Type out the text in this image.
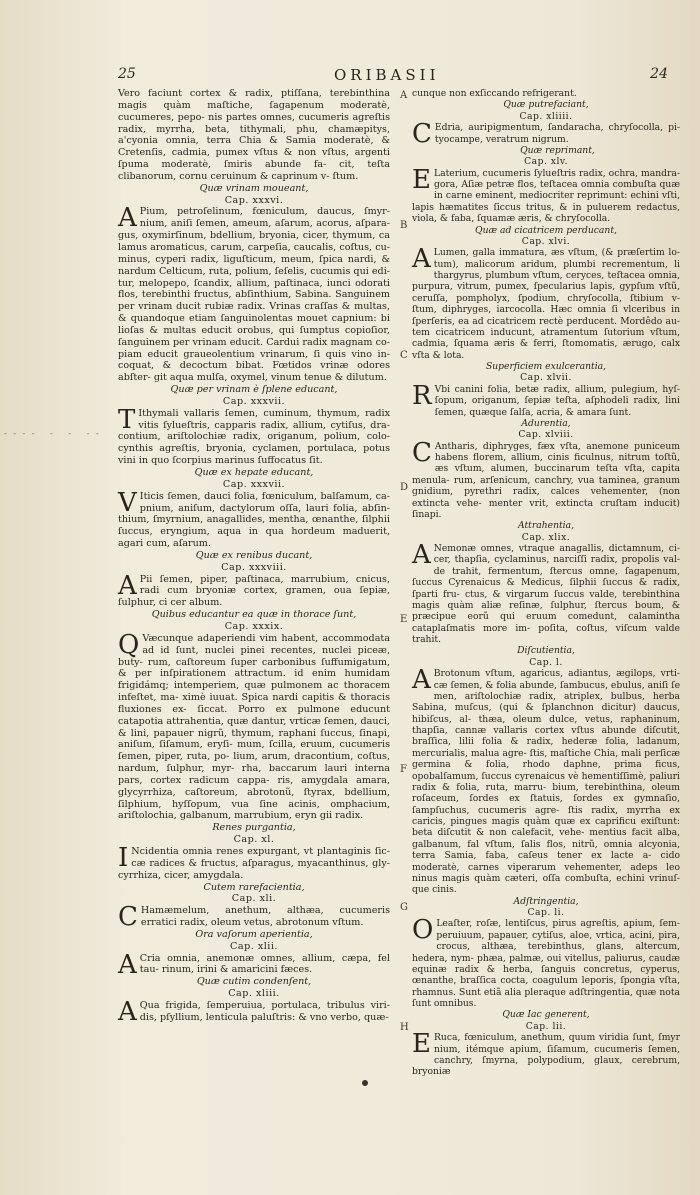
25	ORIBASII	24
- - - ‐ . ‐ . - . ‐ -

Vero faciunt cortex & radix, ptiſſana, terebinthina magis quàm maſtiche, ſagapenum moderatè, cucumeres, pepo- nis partes omnes, cucumeris agreſtis radix, myrrha, beta, tithymali, phu, chamæpitys, a'cyonia omnia, terra Chia & Samia moderatè, & Cretenſis, cadmia, pumex vſtus & non vſtus, argenti ſpuma moderatè, ſmiris abunde fa- cit, teſta clibanorum, cornu ceruinum & caprinum v- ſtum.

Quæ vrinam moueant,

Cap. xxxvi.

A Pium, petroſelinum, fœniculum, daucus, ſmyr- nium, aniſi ſemen, ameum, aſarum, acorus, aſpara- gus, oxymirſinum, bdellium, bryonia, cicer, thymum, ca lamus aromaticus, carum, carpeſia, caucalis, coſtus, cu- minus, cyperi radix, liguſticum, meum, ſpica nardi, & nardum Celticum, ruta, polium, ſeſelis, cucumis qui edi- tur, melopepo, ſcandix, allium, paſtinaca, iunci odorati flos, terebinthi fructus, abſinthium, Sabina. Sanguinem per vrinam ducit rubiæ radix. Vrinas craſſas & multas, & quandoque etiam ſanguinolentas mouet capnium: bi lioſas & multas educit orobus, qui ſumptus copioſior, ſanguinem per vrinam educit. Cardui radix magnam co- piam educit graueolentium vrinarum, ſi quis vino in- coquat, & decoctum bibat. Fœtidos vrinæ odores abſter- git aqua mulſa, oxymel, vinum tenue & dilutum.

Quæ per vrinam è ſplene educant,

Cap. xxxvii.

T Ithymali vallaris ſemen, cuminum, thymum, radix vitis ſylueſtris, capparis radix, allium, cytiſus, dra- contium, ariſtolochiæ radix, origanum, polium, colo- cynthis agreſtis, bryonia, cyclamen, portulaca, potus vini in quo ſcorpius marinus ſuffocatus ſit.

Quæ ex hepate educant,

Cap. xxxvii.

V Iticis ſemen, dauci folia, fœniculum, balſamum, ca- pnium, aniſum, dactylorum oſſa, lauri folia, abſin- thium, ſmyrnium, anagallides, mentha, œnanthe, ſilphii ſuccus, eryngium, aqua in qua hordeum maduerit, agari cum, aſarum.

Quæ ex renibus ducant,

Cap. xxxviii.

A Pii ſemen, piper, paſtinaca, marrubium, cnicus, radi cum bryoniæ cortex, gramen, oua ſepiæ, ſulphur, ci cer album.

Quibus educantur ea quæ in thorace ſunt,

Cap. xxxix.

Q Væcunque adaperiendi vim habent, accommodata ad id ſunt, nuclei pinei recentes, nuclei piceæ, buty- rum, caſtoreum ſuper carbonibus ſuffumigatum, & per inſpirationem attractum. id enim humidam frigidámq; intemperiem, quæ pulmonem ac thoracem infeſtet, ma- ximè iuuat. Spica nardi capitis & thoracis fluxiones ex- ſiccat. Porro ex pulmone educunt catapotia attrahentia, quæ dantur, vrticæ ſemen, dauci, & lini, papauer nigrũ, thymum, raphani ſuccus, ſinapi, aniſum, ſiſamum, eryſi- mum, ſcilla, eruum, cucumeris ſemen, piper, ruta, po- lium, arum, dracontium, coſtus, nardum, ſulphur, myr- rha, baccarum lauri interna pars, cortex radicum cappa- ris, amygdala amara, glycyrrhiza, caſtoreum, abrotonũ, ſtyrax, bdellium, ſilphium, hyſſopum, vua ſine acinis, omphacium, ariſtolochia, galbanum, marrubium, eryn gii radix.

Renes purgantia,

Cap. xl.

I Ncidentia omnia renes expurgant, vt plantaginis ſic- cæ radices & fructus, aſparagus, myacanthinus, gly- cyrrhiza, cicer, amygdala.

Cutem rarefacientia,

Cap. xli.

C Hamæmelum, anethum, althæa, cucumeris erratici radix, oleum vetus, abrotonum vſtum.

Ora vaſorum aperientia,

Cap. xlii.

A Cria omnia, anemonæ omnes, allium, cæpa, fel tau- rinum, irini & amaricini fæces.

Quæ cutim condenſent,

Cap. xliii.

A Qua frigida, ſemperuiua, portulaca, tribulus viri- dis, pſyllium, lenticula paluſtris: & vno verbo, quæ-

cunque non exſiccando refrigerant.

Quæ putrefaciant,

Cap. xliiii.

C Edria, auripigmentum, ſandaracha, chryſocolla, pi- tyocampe, veratrum nigrum.

Quæ reprimant,

Cap. xlv.

E Laterium, cucumeris ſylueſtris radix, ochra, mandra- gora, Aſiæ petræ flos, teſtacea omnia combuſta quæ in carne eminent, mediocriter reprimunt: echini vſti, lapis hæmatites ſiccus tritus, & in puluerem redactus, viola, & faba, ſquamæ æris, & chryſocolla.

Quæ ad cicatricem perducant,

Cap. xlvi.

A Lumen, galla immatura, æs vſtum, (& præſertim lo- tum), malicorum aridum, plumbi recrementum, li thargyrus, plumbum vſtum, ceryces, teſtacea omnia, purpura, vitrum, pumex, ſpecularius lapis, gypſum vſtũ, ceruſſa, pompholyx, ſpodium, chryſocolla, ſtibium v- ſtum, diphryges, iarcocolla. Hæc omnia ſi vlceribus in ſperſeris, ea ad cicatricem rectè perducent. Mordêdo au- tem cicatricem inducunt, atramentum ſutorium vſtum, cadmia, ſquama æris & ferri, ſtomomatis, ærugo, calx vſta & lota.

Superficiem exulcerantia,

Cap. xlvii.

R Vbi canini folia, betæ radix, allium, pulegium, hyſ- ſopum, origanum, ſepiæ teſta, aſphodeli radix, lini ſemen, quæque ſalſa, acria, & amara ſunt.

Adurentia,

Cap. xlviii.

C Antharis, diphryges, fæx vſta, anemone puniceum habens florem, allium, cinis ficulnus, nitrum toſtũ, æs vſtum, alumen, buccinarum teſta vſta, capita menula- rum, arſenicum, canchry, vua taminea, granum gnidium, pyrethri radix, calces vehementer, (non extincta vehe- menter vrit, extincta cruſtam inducit) ſinapi.

Attrahentia,

Cap. xlix.

A Nemonæ omnes, vtraque anagallis, dictamnum, ci- cer, thapſia, cyclaminus, narciſſi radix, propolis val- de trahit, fermentum, ſtercus omne, ſagapenum, ſuccus Cyrenaicus & Medicus, ſilphii ſuccus & radix, ſparti fru- ctus, & virgarum ſuccus valde, terebinthina magis quàm aliæ reſinæ, ſulphur, ſtercus boum, & præcipue eorũ qui eruum comedunt, calamintha cataplaſmatis more im- poſita, coſtus, viſcum valde trahit.

Diſcutientia,

Cap. l.

A Brotonum vſtum, agaricus, adiantus, ægilops, vrti- cæ ſemen, & folia abunde, ſambucus, ebulus, aniſi ſe men, ariſtolochiæ radix, atriplex, bulbus, herba Sabina, muſcus, (qui & ſplanchnon dicitur) daucus, hibiſcus, al- thæa, oleum dulce, vetus, raphaninum, thapſia, cannæ vallaris cortex vſtus abunde diſcutit, braſſica, lilii folia & radix, hederæ folia, ladanum, mercurialis, malua agre- ſtis, maſtiche Chia, mali perſicæ germina & folia, rhodo daphne, prima ficus, opobalſamum, ſuccus cyrenaicus vè hementiſſimè, paliuri radix & folia, ruta, marru- bium, terebinthina, oleum roſaceum, ſordes ex ſtatuis, ſordes ex gymnaſio, ſampſuchus, cucumeris agre- ſtis radix, myrrha ex caricis, pingues magis quàm quæ ex caprificu exiſtunt: beta diſcutit & non calefacit, vehe- mentius facit alba, galbanum, fal vſtum, ſalis flos, nitrũ, omnia alcyonia, terra Samia, faba, caſeus tener ex lacte a- cido moderatè, carnes viperarum vehementer, adeps leo ninus magis quàm cæteri, oſſa combuſta, echini vrinuſ- que cinis.

Adſtringentia,

Cap. li.

O Leaſter, roſæ, lentiſcus, pirus agreſtis, apium, ſem- peruiuum, papauer, cytiſus, aloe, vrtica, acini, pira, crocus, althæa, terebinthus, glans, altercum, hedera, nym- phæa, palmæ, oui vitellus, paliurus, caudæ equinæ radix & herba, ſanguis concretus, cyperus, œnanthe, braſſica cocta, coagulum leporis, ſpongia vſta, rhamnus. Sunt etiã alia pleraque adſtringentia, quæ nota ſunt omnibus.

Quæ Iac generent,

Cap. lii.

E Ruca, fœniculum, anethum, quum viridia ſunt, ſmyr nium, itémque apium, ſiſamum, cucumeris ſemen, canchry, ſmyrna, polypodium, glaux, cerebrum, bryoniæ

A
B
C
D
E
F
G
H
